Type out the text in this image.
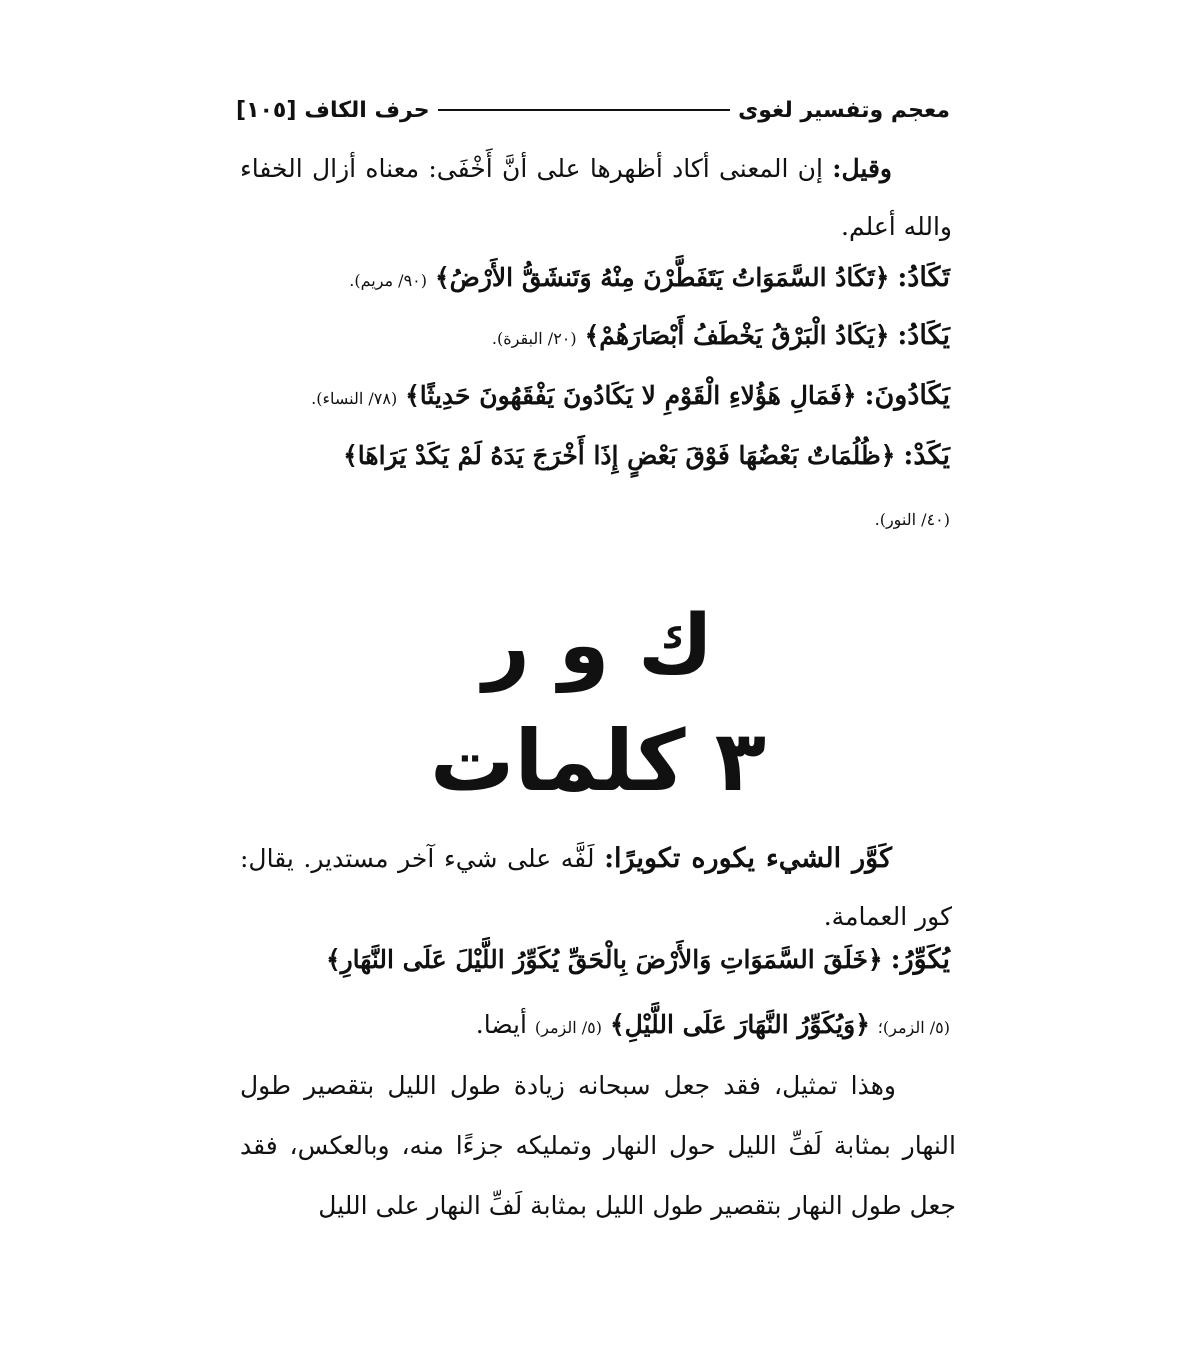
معجم وتفسير لغوى
حرف الكاف
[١٠٥]

وقيل: إن المعنى أكاد أظهرها على أنَّ أَخْفَى: معناه أزال الخفاء والله أعلم.

تَكَادُ: ﴿تَكَادُ السَّمَوَاتُ يَتَفَطَّرْنَ مِنْهُ وَتَنشَقُّ الأَرْضُ﴾ (٩٠/ مريم).
يَكَادُ: ﴿يَكَادُ الْبَرْقُ يَخْطَفُ أَبْصَارَهُمْ﴾ (٢٠/ البقرة).
يَكَادُونَ: ﴿فَمَالِ هَؤُلاءِ الْقَوْمِ لا يَكَادُونَ يَفْقَهُونَ حَدِيثًا﴾ (٧٨/ النساء).
يَكَدْ: ﴿ظُلُمَاتٌ بَعْضُهَا فَوْقَ بَعْضٍ إِذَا أَخْرَجَ يَدَهُ لَمْ يَكَدْ يَرَاهَا﴾
(٤٠/ النور).
ك و ر
٣ كلمات

كَوَّر الشيء يكوره تكويرًا: لَفَّه على شيء آخر مستدير. يقال: كور العمامة.

يُكَوِّرُ: ﴿خَلَقَ السَّمَوَاتِ وَالأَرْضَ بِالْحَقِّ يُكَوِّرُ اللَّيْلَ عَلَى النَّهَارِ﴾
(٥/ الزمر)؛ ﴿وَيُكَوِّرُ النَّهَارَ عَلَى اللَّيْلِ﴾ (٥/ الزمر) أيضا.

وهذا تمثيل، فقد جعل سبحانه زيادة طول الليل بتقصير طول النهار بمثابة لَفِّ الليل حول النهار وتمليكه جزءًا منه، وبالعكس، فقد جعل طول النهار بتقصير طول الليل بمثابة لَفِّ النهار على الليل
